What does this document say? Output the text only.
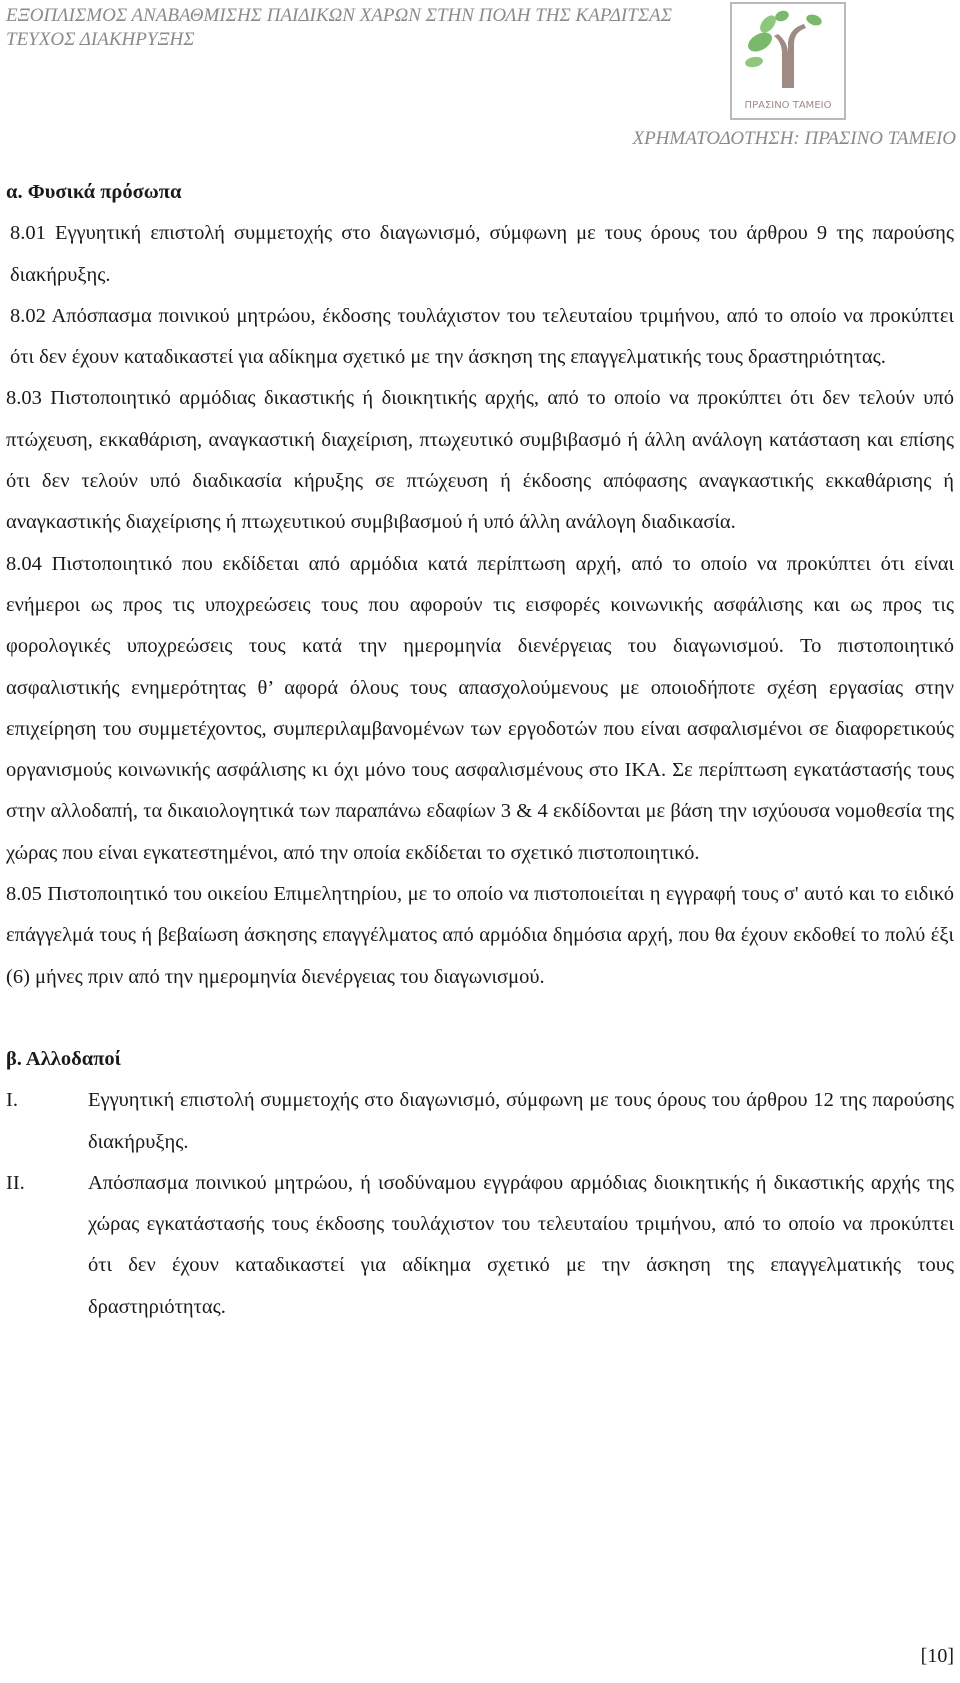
ΕΞΟΠΛΙΣΜΟΣ ΑΝΑΒΑΘΜΙΣΗΣ ΠΑΙΔΙΚΩΝ ΧΑΡΩΝ ΣΤΗΝ ΠΟΛΗ ΤΗΣ ΚΑΡΔΙΤΣΑΣ
ΤΕΥΧΟΣ ΔΙΑΚΗΡΥΞΗΣ
ΠΡΑΣΙΝΟ ΤΑΜΕΙΟ
ΧΡΗΜΑΤΟΔΟΤΗΣΗ: ΠΡΑΣΙΝΟ ΤΑΜΕΙΟ
α. Φυσικά πρόσωπα

8.01 Εγγυητική επιστολή συμμετοχής στο διαγωνισμό, σύμφωνη με τους όρους του άρθρου 9 της παρούσης διακήρυξης.

8.02 Απόσπασμα ποινικού μητρώου, έκδοσης τουλάχιστον του τελευταίου τριμήνου, από το οποίο να προκύπτει ότι δεν έχουν καταδικαστεί για αδίκημα σχετικό με την άσκηση της επαγγελματικής τους δραστηριότητας.

8.03 Πιστοποιητικό αρμόδιας δικαστικής ή διοικητικής αρχής, από το οποίο να προκύπτει ότι δεν τελούν υπό πτώχευση, εκκαθάριση, αναγκαστική διαχείριση, πτωχευτικό συμβιβασμό ή άλλη ανάλογη κατάσταση και επίσης ότι δεν τελούν υπό διαδικασία κήρυξης σε πτώχευση ή έκδοσης απόφασης αναγκαστικής εκκαθάρισης ή αναγκαστικής διαχείρισης ή πτωχευτικού συμβιβασμού ή υπό άλλη ανάλογη διαδικασία.

8.04 Πιστοποιητικό που εκδίδεται από αρμόδια κατά περίπτωση αρχή, από το οποίο να προκύπτει ότι είναι ενήμεροι ως προς τις υποχρεώσεις τους που αφορούν τις εισφορές κοινωνικής ασφάλισης και ως προς τις φορολογικές υποχρεώσεις τους κατά την ημερομηνία διενέργειας του διαγωνισμού. Το πιστοποιητικό ασφαλιστικής ενημερότητας θ’ αφορά όλους τους απασχολούμενους με οποιοδήποτε σχέση εργασίας στην επιχείρηση του συμμετέχοντος, συμπεριλαμβανομένων των εργοδοτών που είναι ασφαλισμένοι σε διαφορετικούς οργανισμούς κοινωνικής ασφάλισης κι όχι μόνο τους ασφαλισμένους στο ΙΚΑ. Σε περίπτωση εγκατάστασής τους στην αλλοδαπή, τα δικαιολογητικά των παραπάνω εδαφίων 3 & 4 εκδίδονται με βάση την ισχύουσα νομοθεσία της χώρας που είναι εγκατεστημένοι, από την οποία εκδίδεται το σχετικό πιστοποιητικό.

8.05 Πιστοποιητικό του οικείου Επιμελητηρίου, με το οποίο να πιστοποιείται η εγγραφή τους σ' αυτό και το ειδικό επάγγελμά τους ή βεβαίωση άσκησης επαγγέλματος από αρμόδια δημόσια αρχή, που θα έχουν εκδοθεί το πολύ έξι (6) μήνες πριν από την ημερομηνία διενέργειας του διαγωνισμού.

β. Αλλοδαποί
I.	Εγγυητική επιστολή συμμετοχής στο διαγωνισμό, σύμφωνη με τους όρους του άρθρου 12 της παρούσης διακήρυξης.
II.	Απόσπασμα ποινικού μητρώου, ή ισοδύναμου εγγράφου αρμόδιας διοικητικής ή δικαστικής αρχής της χώρας εγκατάστασής τους έκδοσης τουλάχιστον του τελευταίου τριμήνου, από το οποίο να προκύπτει ότι δεν έχουν καταδικαστεί για αδίκημα σχετικό με την άσκηση της επαγγελματικής τους δραστηριότητας.
[10]
